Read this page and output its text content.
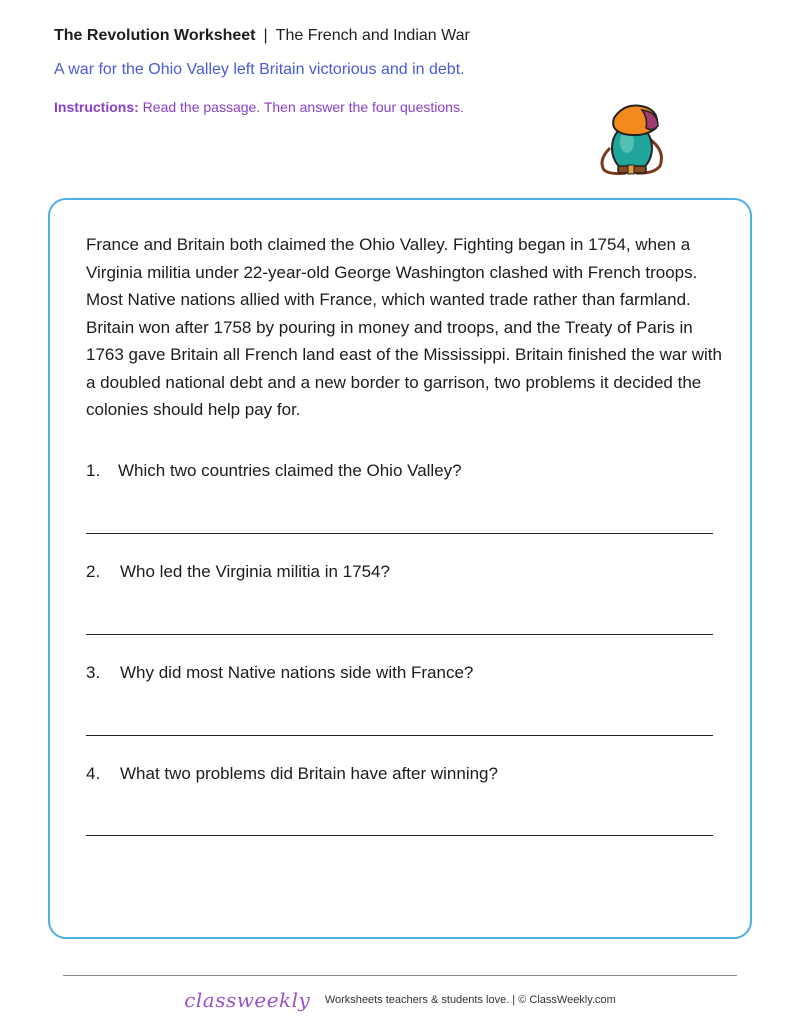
The Revolution Worksheet | The French and Indian War
A war for the Ohio Valley left Britain victorious and in debt.
Instructions: Read the passage. Then answer the four questions.
France and Britain both claimed the Ohio Valley. Fighting began in 1754, when a Virginia militia under 22-year-old George Washington clashed with French troops. Most Native nations allied with France, which wanted trade rather than farmland. Britain won after 1758 by pouring in money and troops, and the Treaty of Paris in 1763 gave Britain all French land east of the Mississippi. Britain finished the war with a doubled national debt and a new border to garrison, two problems it decided the colonies should help pay for.
1. Which two countries claimed the Ohio Valley?
2. Who led the Virginia militia in 1754?
3. Why did most Native nations side with France?
4. What two problems did Britain have after winning?
classweekly Worksheets teachers & students love. | © ClassWeekly.com
